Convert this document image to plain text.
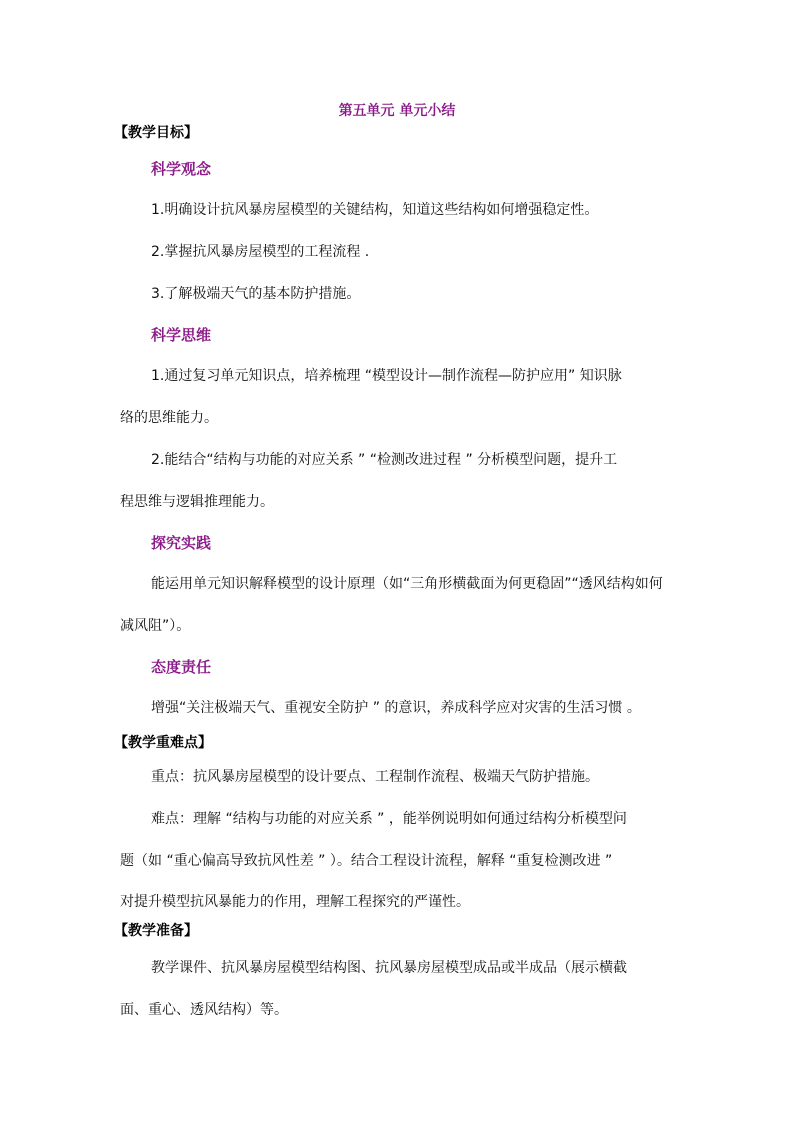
第五单元 单元小结
【教学目标】
科学观念
1.明确设计抗风暴房屋模型的关键结构，知道这些结构如何增强稳定性。
2.掌握抗风暴房屋模型的工程流程 .
3.了解极端天气的基本防护措施。
科学思维
1.通过复习单元知识点，培养梳理 “模型设计—制作流程—防护应用” 知识脉
络的思维能力。
2.能结合“结构与功能的对应关系 ” “检测改进过程 ” 分析模型问题，提升工
程思维与逻辑推理能力。
探究实践
能运用单元知识解释模型的设计原理（如“三角形横截面为何更稳固”“透风结构如何
减风阻”）。
态度责任
增强“关注极端天气、重视安全防护 ” 的意识，养成科学应对灾害的生活习惯 。
【教学重难点】
重点：抗风暴房屋模型的设计要点、工程制作流程、极端天气防护措施。
难点：理解 “结构与功能的对应关系 ” ，能举例说明如何通过结构分析模型问
题（如 “重心偏高导致抗风性差 ” ）。结合工程设计流程，解释 “重复检测改进 ”
对提升模型抗风暴能力的作用，理解工程探究的严谨性。
【教学准备】
教学课件、抗风暴房屋模型结构图、抗风暴房屋模型成品或半成品（展示横截
面、重心、透风结构）等。
